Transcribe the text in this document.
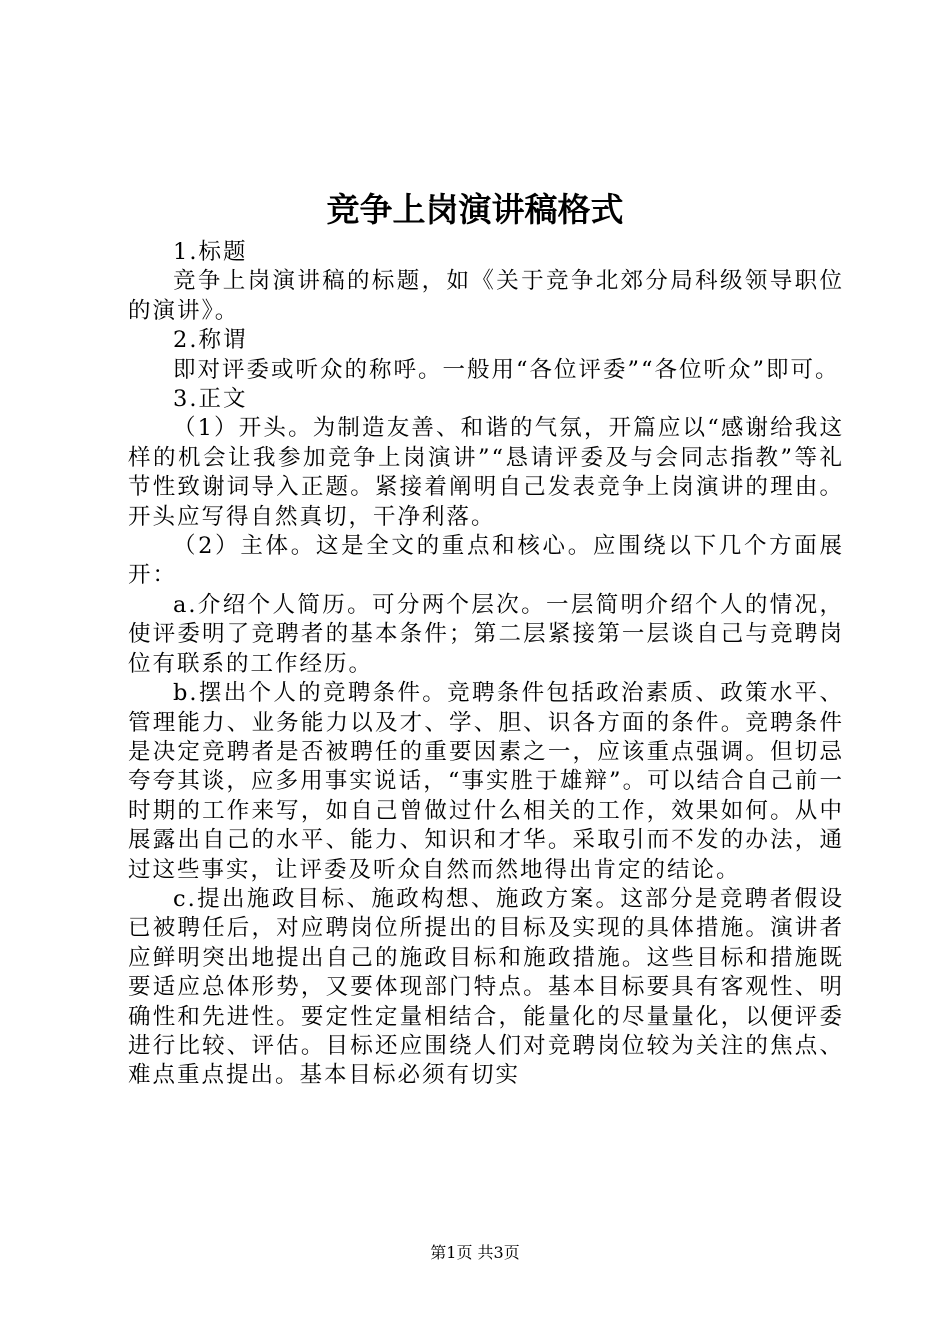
竞争上岗演讲稿格式

1.标题

竞争上岗演讲稿的标题，如《关于竞争北郊分局科级领导职位的演讲》。

2.称谓

即对评委或听众的称呼。一般用“各位评委”“各位听众”即可。

3.正文

（1）开头。为制造友善、和谐的气氛，开篇应以“感谢给我这样的机会让我参加竞争上岗演讲”“恳请评委及与会同志指教”等礼节性致谢词导入正题。紧接着阐明自己发表竞争上岗演讲的理由。开头应写得自然真切，干净利落。

（2）主体。这是全文的重点和核心。应围绕以下几个方面展开：

a.介绍个人简历。可分两个层次。一层简明介绍个人的情况，使评委明了竞聘者的基本条件；第二层紧接第一层谈自己与竞聘岗位有联系的工作经历。

b.摆出个人的竞聘条件。竞聘条件包括政治素质、政策水平、管理能力、业务能力以及才、学、胆、识各方面的条件。竞聘条件是决定竞聘者是否被聘任的重要因素之一，应该重点强调。但切忌夸夸其谈，应多用事实说话，“事实胜于雄辩”。可以结合自己前一时期的工作来写，如自己曾做过什么相关的工作，效果如何。从中展露出自己的水平、能力、知识和才华。采取引而不发的办法，通过这些事实，让评委及听众自然而然地得出肯定的结论。

c.提出施政目标、施政构想、施政方案。这部分是竞聘者假设已被聘任后，对应聘岗位所提出的目标及实现的具体措施。演讲者应鲜明突出地提出自己的施政目标和施政措施。这些目标和措施既要适应总体形势，又要体现部门特点。基本目标要具有客观性、明确性和先进性。要定性定量相结合，能量化的尽量量化，以便评委进行比较、评估。目标还应围绕人们对竞聘岗位较为关注的焦点、难点重点提出。基本目标必须有切实

第1页 共3页
